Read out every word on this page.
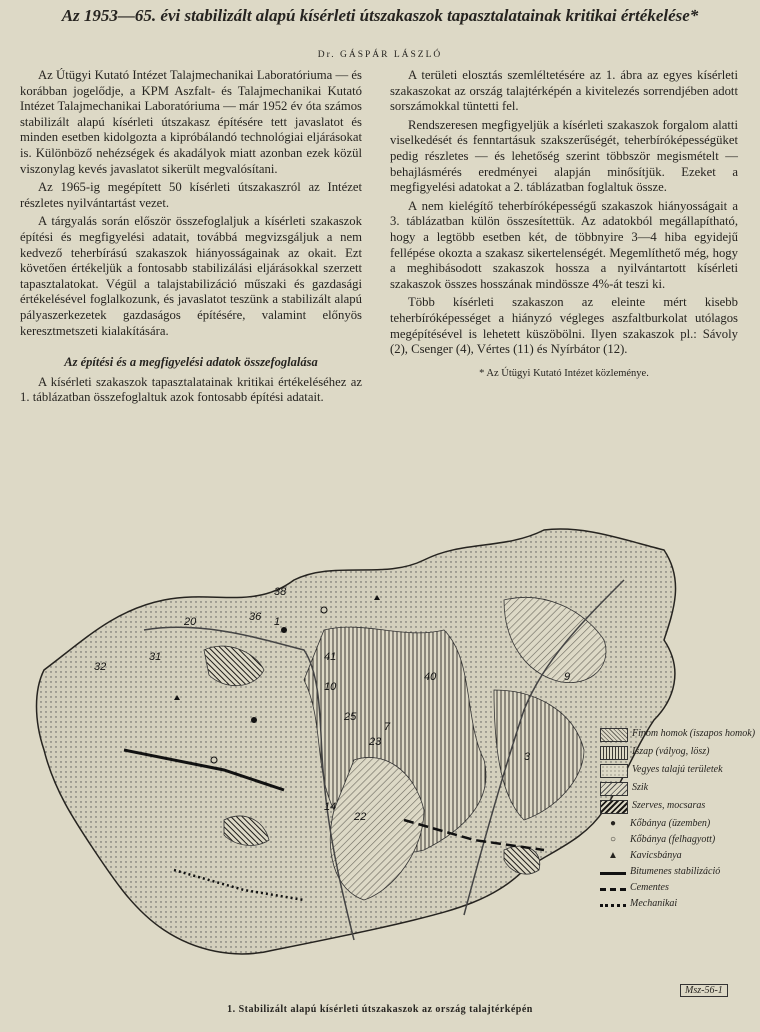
Az 1953—65. évi stabilizált alapú kísérleti útszakaszok tapasztalatainak kritikai értékelése*
Dr. GÁSPÁR LÁSZLÓ

Az Útügyi Kutató Intézet Talajmechanikai Laboratóriuma — és korábban jogelődje, a KPM Aszfalt- és Talajmechanikai Kutató Intézet Talajmechanikai Laboratóriuma — már 1952 év óta számos stabilizált alapú kísérleti útszakasz építésére tett javaslatot és minden esetben kidolgozta a kipróbálandó technológiai eljárásokat is. Különböző nehézségek és akadályok miatt azonban ezek közül viszonylag kevés javaslatot sikerült megvalósítani.

Az 1965-ig megépített 50 kísérleti útszakaszról az Intézet részletes nyilvántartást vezet.

A tárgyalás során először összefoglaljuk a kísérleti szakaszok építési és megfigyelési adatait, továbbá megvizsgáljuk a nem kedvező teherbírású szakaszok hiányosságainak az okait. Ezt követően értékeljük a fontosabb stabilizálási eljárásokkal szerzett tapasztalatokat. Végül a talajstabilizáció műszaki és gazdasági értékelésével foglalkozunk, és javaslatot teszünk a stabilizált alapú pályaszerkezetek gazdaságos építésére, valamint előnyös keresztmetszeti kialakítására.

Az építési és a megfigyelési adatok összefoglalása

A kísérleti szakaszok tapasztalatainak kritikai értékeléséhez az 1. táblázatban összefoglaltuk azok fontosabb építési adatait.

A területi elosztás szemléltetésére az 1. ábra az egyes kísérleti szakaszokat az ország talajtérképén a kivitelezés sorrendjében adott sorszámokkal tüntetti fel.

Rendszeresen megfigyeljük a kísérleti szakaszok forgalom alatti viselkedését és fenntartásuk szakszerűségét, teherbíróképességüket pedig részletes — és lehetőség szerint többször megismételt — behajlásmérés eredményei alapján minősítjük. Ezeket a megfigyelési adatokat a 2. táblázatban foglaltuk össze.

A nem kielégítő teherbíróképességű szakaszok hiányosságait a 3. táblázatban külön összesítettük. Az adatokból megállapítható, hogy a legtöbb esetben két, de többnyire 3—4 hiba egyidejű fellépése okozta a szakasz sikertelenségét. Megemlíthető még, hogy a meghibásodott szakaszok hossza a nyilvántartott kísérleti szakaszok összes hosszának mindössze 4%-át teszi ki.

Több kísérleti szakaszon az eleinte mért kisebb teherbíróképességet a hiányzó végleges aszfaltburkolat utólagos megépítésével is lehetett küszöbölni. Ilyen szakaszok pl.: Sávoly (2), Csenger (4), Vértes (11) és Nyírbátor (12).

* Az Útügyi Kutató Intézet közleménye.

20
32
31
38
36 1
41
40
25
23
14
7
3
22
9
10
Finom homok (iszapos homok)
Iszap (vályog, lösz)
Vegyes talajú területek
Szik
Szerves, mocsaras
●	Kőbánya (üzemben)
○	Kőbánya (felhagyott)
▲	Kavicsbánya
Bitumenes stabilizáció
Cementes
Mechanikai
Msz-56-1
1. Stabilizált alapú kísérleti útszakaszok az ország talajtérképén
